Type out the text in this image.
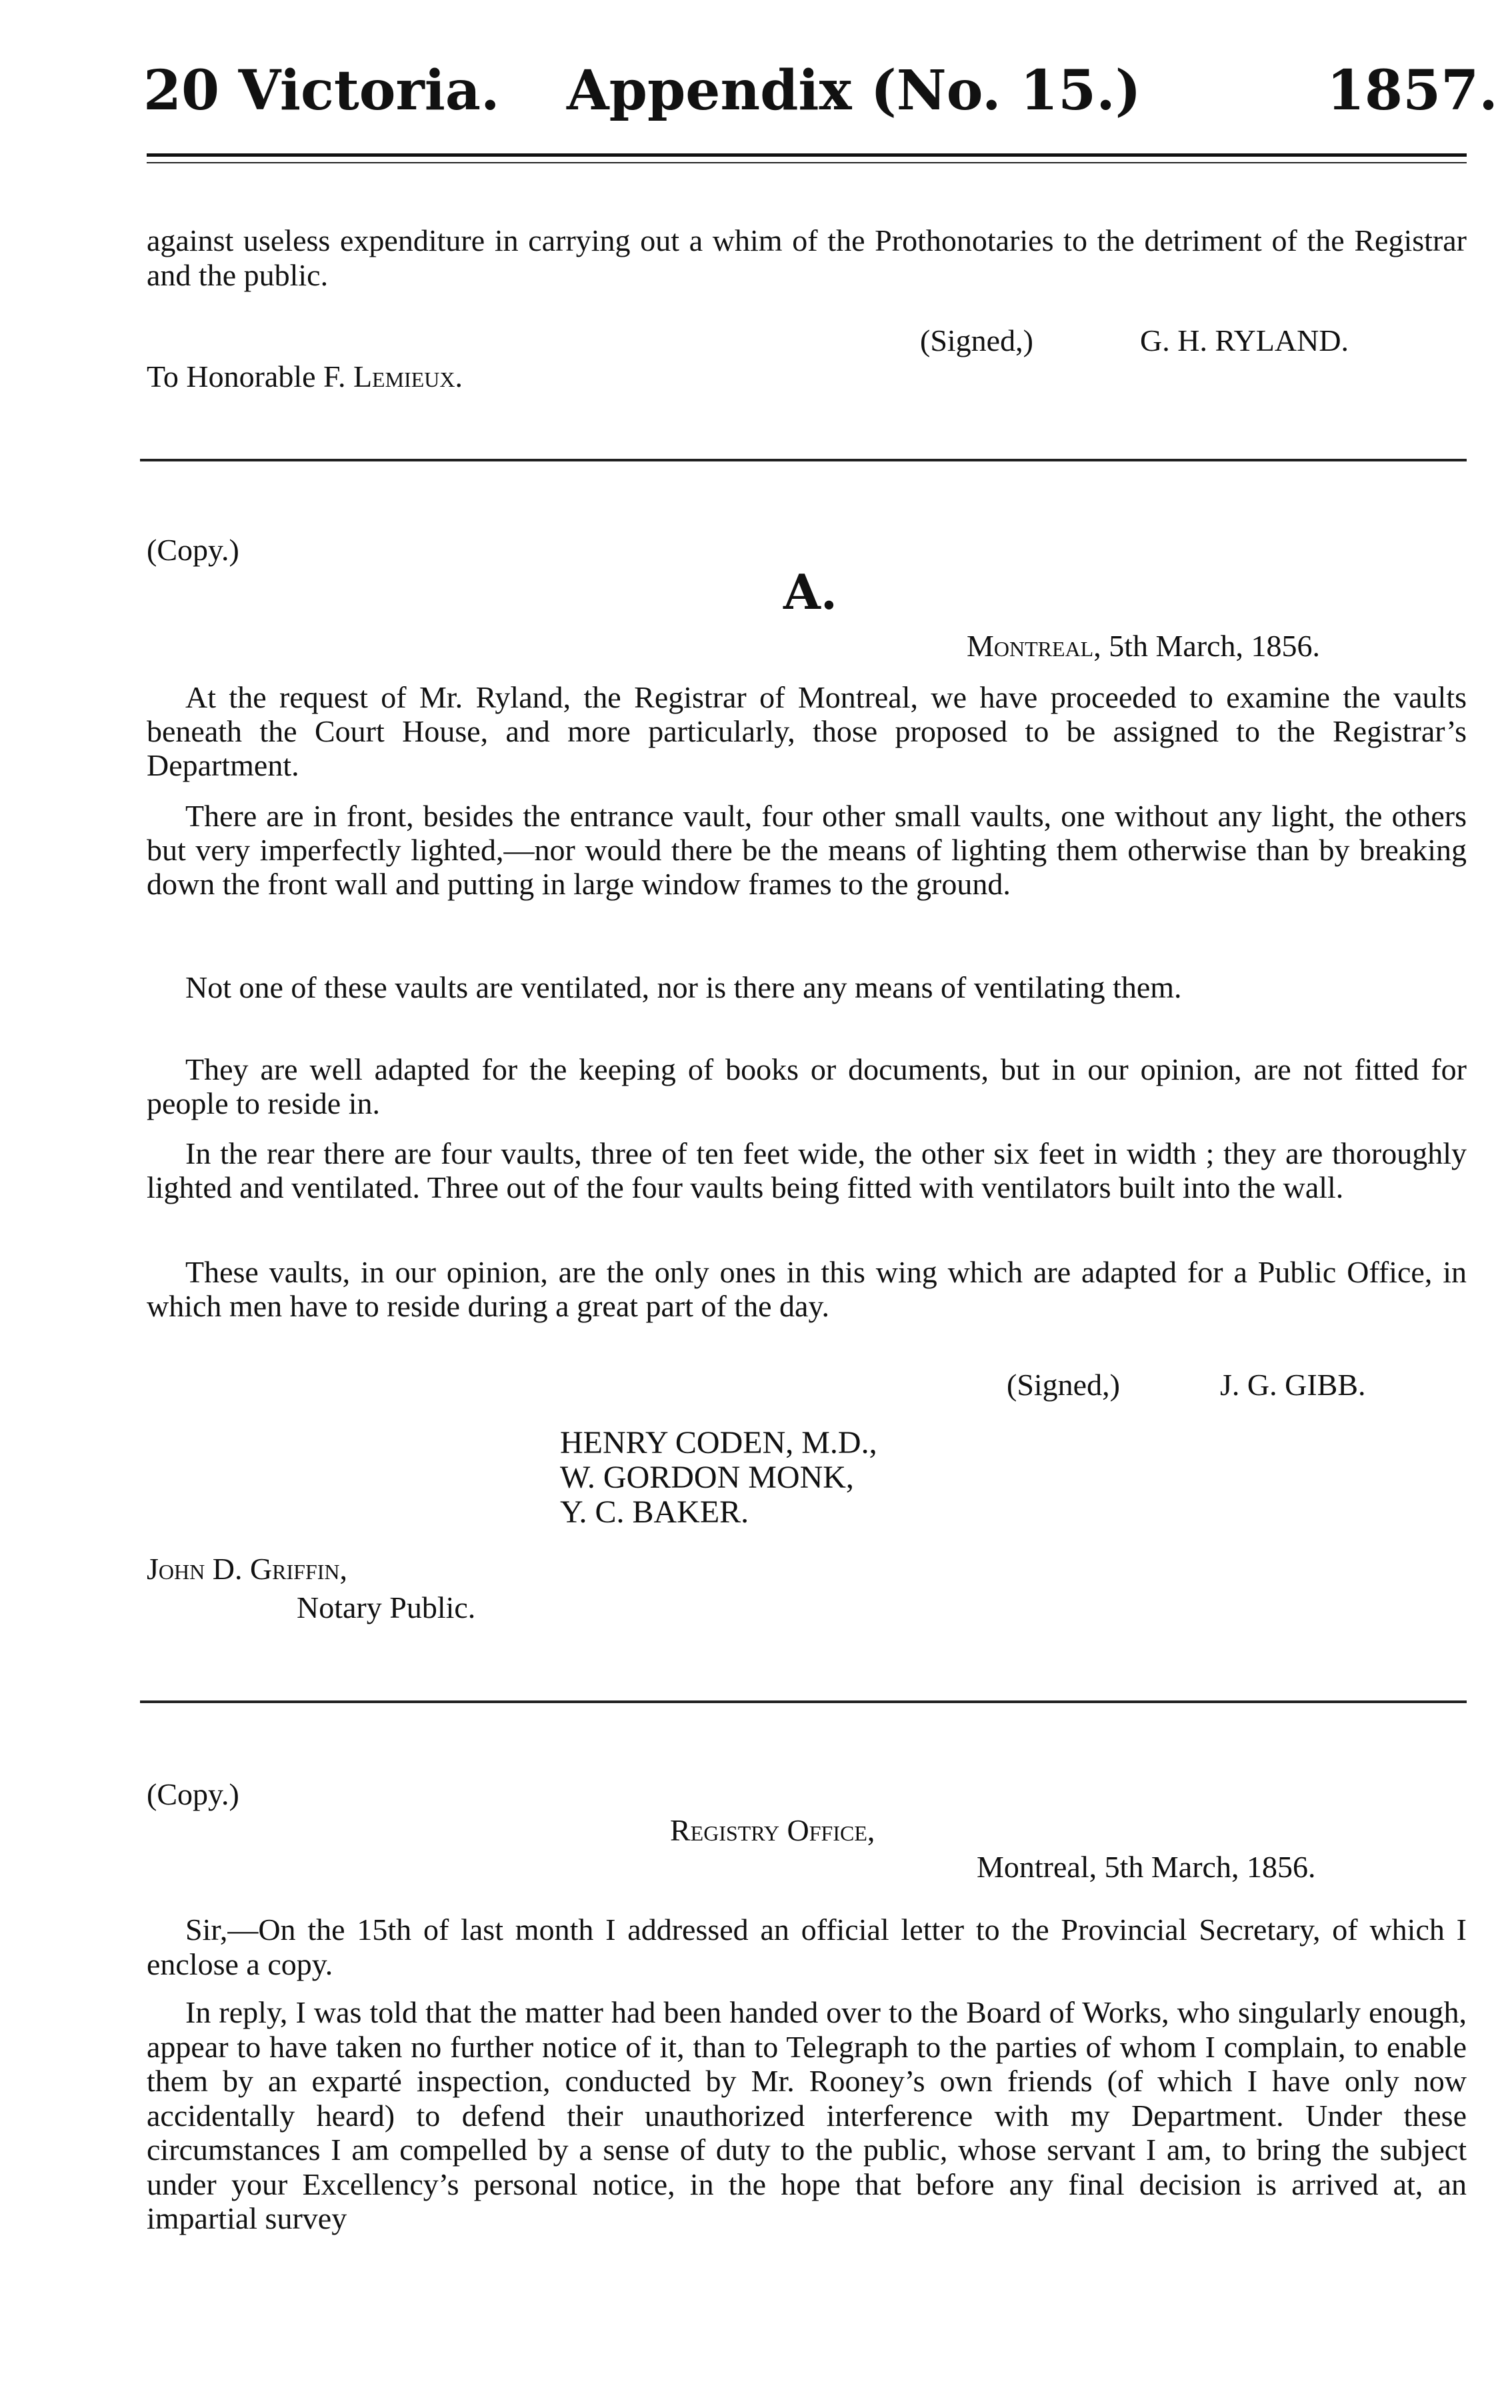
20 Victoria. Appendix (No. 15.)	1857.

against useless expenditure in carrying out a whim of the Prothonotaries to the detriment of the Registrar and the public.

(Signed,)	G. H. RYLAND.
To Honorable F. Lemieux.
(Copy.)
A.
Montreal, 5th March, 1856.

At the request of Mr. Ryland, the Registrar of Montreal, we have proceeded to examine the vaults beneath the Court House, and more particularly, those proposed to be assigned to the Registrar’s Department.

There are in front, besides the entrance vault, four other small vaults, one without any light, the others but very imperfectly lighted,—nor would there be the means of lighting them otherwise than by breaking down the front wall and putting in large window frames to the ground.

Not one of these vaults are ventilated, nor is there any means of ventilating them.

They are well adapted for the keeping of books or documents, but in our opinion, are not fitted for people to reside in.

In the rear there are four vaults, three of ten feet wide, the other six feet in width ; they are thoroughly lighted and ventilated. Three out of the four vaults being fitted with ventilators built into the wall.

These vaults, in our opinion, are the only ones in this wing which are adapted for a Public Office, in which men have to reside during a great part of the day.

(Signed,)	J. G. GIBB.
HENRY CODEN, M.D.,
W. GORDON MONK,
Y. C. BAKER.
John D. Griffin,
Notary Public.
(Copy.)
Registry Office,
Montreal, 5th March, 1856.

Sir,—On the 15th of last month I addressed an official letter to the Provincial Secretary, of which I enclose a copy.

In reply, I was told that the matter had been handed over to the Board of Works, who singularly enough, appear to have taken no further notice of it, than to Telegraph to the parties of whom I complain, to enable them by an exparté inspection, conducted by Mr. Rooney’s own friends (of which I have only now accidentally heard) to defend their unauthorized interference with my Department. Under these circumstances I am compelled by a sense of duty to the public, whose servant I am, to bring the subject under your Excellency’s personal notice, in the hope that before any final decision is arrived at, an impartial survey
